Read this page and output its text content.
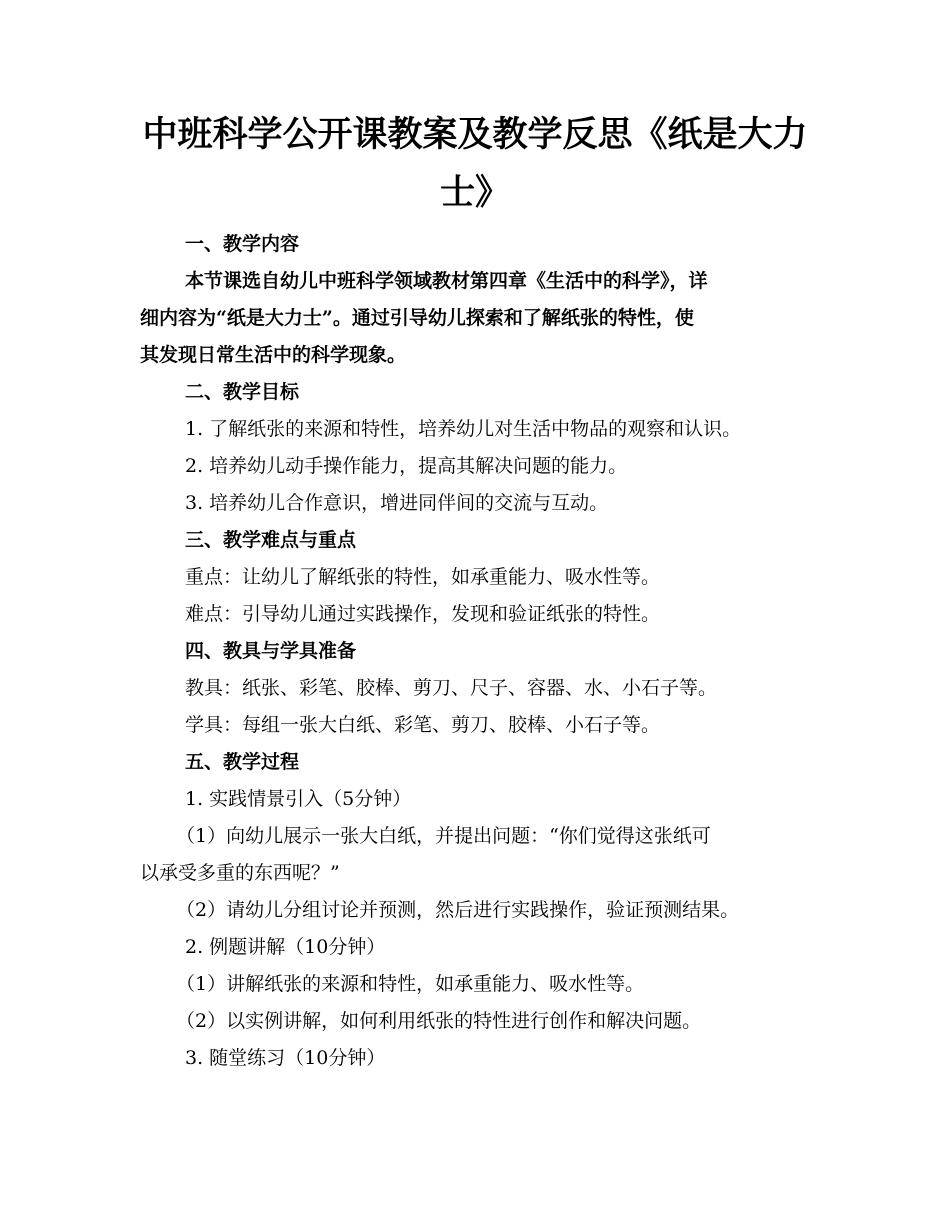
中班科学公开课教案及教学反思《纸是大力士》
一、教学内容
本节课选自幼儿中班科学领域教材第四章《生活中的科学》，详
细内容为“纸是大力士”。通过引导幼儿探索和了解纸张的特性，使
其发现日常生活中的科学现象。
二、教学目标
1. 了解纸张的来源和特性，培养幼儿对生活中物品的观察和认识。
2. 培养幼儿动手操作能力，提高其解决问题的能力。
3. 培养幼儿合作意识，增进同伴间的交流与互动。
三、教学难点与重点
重点：让幼儿了解纸张的特性，如承重能力、吸水性等。
难点：引导幼儿通过实践操作，发现和验证纸张的特性。
四、教具与学具准备
教具：纸张、彩笔、胶棒、剪刀、尺子、容器、水、小石子等。
学具：每组一张大白纸、彩笔、剪刀、胶棒、小石子等。
五、教学过程
1. 实践情景引入（5分钟）
（1）向幼儿展示一张大白纸，并提出问题：“你们觉得这张纸可
以承受多重的东西呢？”
（2）请幼儿分组讨论并预测，然后进行实践操作，验证预测结果。
2. 例题讲解（10分钟）
（1）讲解纸张的来源和特性，如承重能力、吸水性等。
（2）以实例讲解，如何利用纸张的特性进行创作和解决问题。
3. 随堂练习（10分钟）
